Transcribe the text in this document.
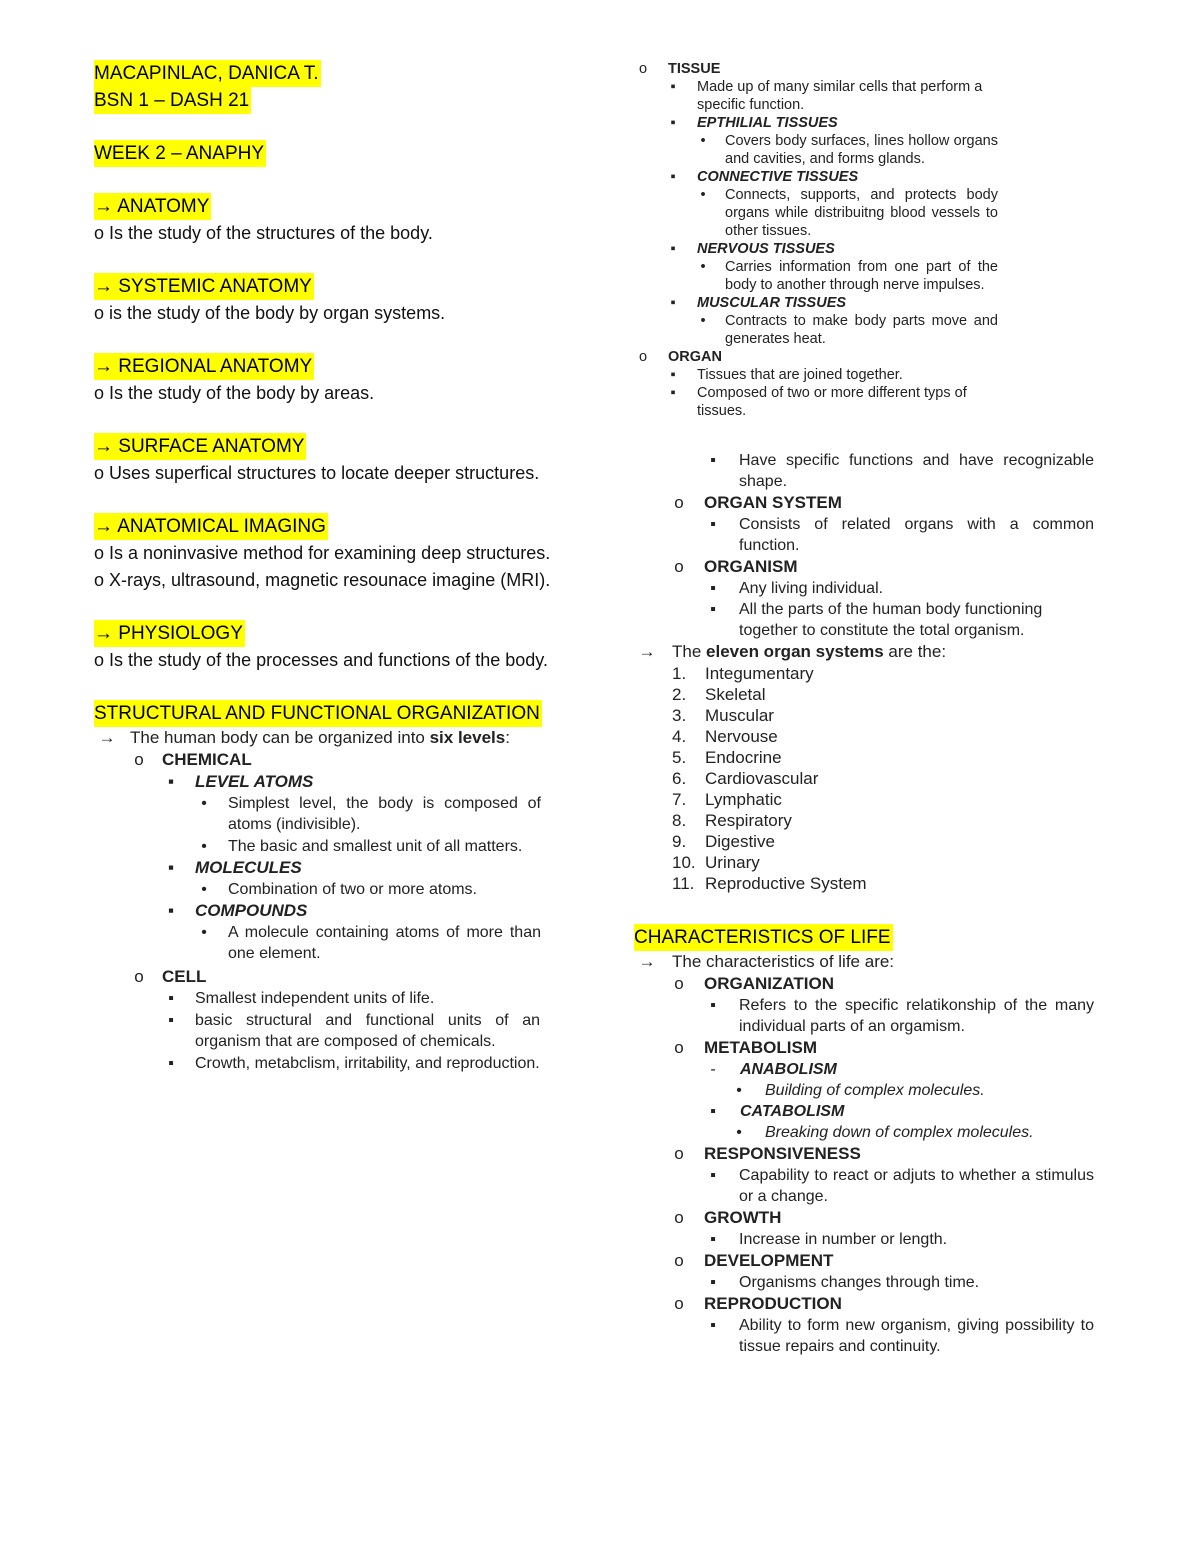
MACAPINLAC, DANICA T.
BSN 1 – DASH 21
WEEK 2 – ANAPHY
→ ANATOMY

o Is the study of the structures of the body.

→ SYSTEMIC ANATOMY

o is the study of the body by organ systems.

→ REGIONAL ANATOMY

o Is the study of the body by areas.

→ SURFACE ANATOMY

o Uses superfical structures to locate deeper structures.

→ ANATOMICAL IMAGING

o Is a noninvasive method for examining deep structures.

o X-rays, ultrasound, magnetic resounace imagine (MRI).

→ PHYSIOLOGY

o Is the study of the processes and functions of the body.

STRUCTURAL AND FUNCTIONAL ORGANIZATION
→ The human body can be organized into six levels:
o CHEMICAL
▪	LEVEL ATOMS
•	Simplest level, the body is composed of atoms (indivisible).
•	The basic and smallest unit of all matters.
▪	MOLECULES
•	Combination of two or more atoms.
▪	COMPOUNDS
•	A molecule containing atoms of more than one element.
o CELL
▪	Smallest independent units of life.
▪	basic structural and functional units of an organism that are composed of chemicals.
▪	Crowth, metabclism, irritability, and reproduction.
o	TISSUE
▪	Made up of many similar cells that perform a specific function.
▪	EPTHILIAL TISSUES
•	Covers body surfaces, lines hollow organs and cavities, and forms glands.
▪	CONNECTIVE TISSUES
•	Connects, supports, and protects body organs while distribuitng blood vessels to other tissues.
▪	NERVOUS TISSUES
•	Carries information from one part of the body to another through nerve impulses.
▪	MUSCULAR TISSUES
•	Contracts to make body parts move and generates heat.
o	ORGAN
▪	Tissues that are joined together.
▪	Composed of two or more different typs of tissues.
▪	Have specific functions and have recognizable shape.
o ORGAN SYSTEM
▪	Consists of related organs with a common function.
o ORGANISM
▪	Any living individual.
▪	All the parts of the human body functioning together to constitute the total organism.
→ The eleven organ systems are the:
1.	Integumentary
2.	Skeletal
3.	Muscular
4.	Nervouse
5.	Endocrine
6.	Cardiovascular
7.	Lymphatic
8.	Respiratory
9.	Digestive
10. Urinary
11. Reproductive System
CHARACTERISTICS OF LIFE
→ The characteristics of life are:
o ORGANIZATION
▪	Refers to the specific relatikonship of the many individual parts of an orgamism.
o METABOLISM
-	ANABOLISM
•	Building of complex molecules.
▪	CATABOLISM
•	Breaking down of complex molecules.
o RESPONSIVENESS
▪	Capability to react or adjuts to whether a stimulus or a change.
o GROWTH
▪	Increase in number or length.
o DEVELOPMENT
▪	Organisms changes through time.
o REPRODUCTION
▪	Ability to form new organism, giving possibility to tissue repairs and continuity.
